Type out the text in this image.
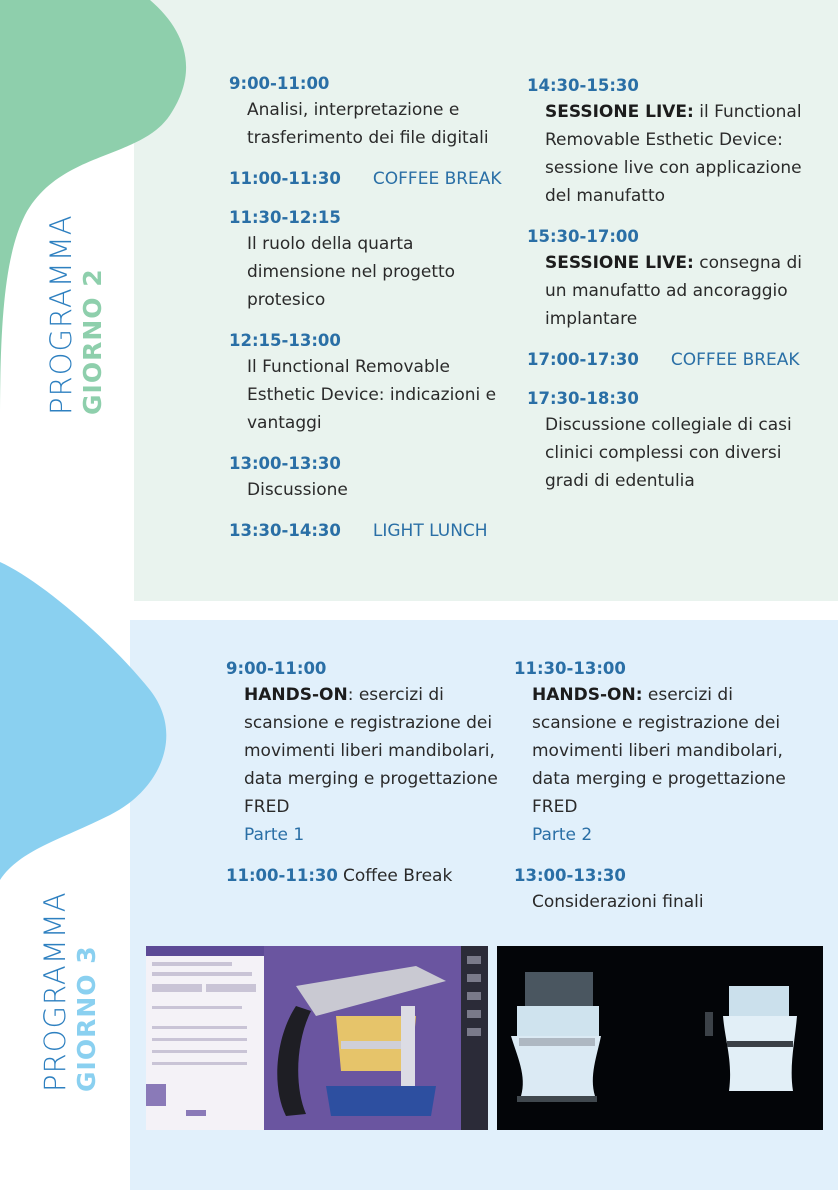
PROGRAMMA GIORNO 2
PROGRAMMA GIORNO 3
9:00-11:00
Analisi, interpretazione e trasferimento dei file digitali
11:00-11:30 COFFEE BREAK
11:30-12:15
Il ruolo della quarta dimensione nel progetto protesico
12:15-13:00
Il Functional Removable Esthetic Device: indicazioni e vantaggi
13:00-13:30
Discussione
13:30-14:30 LIGHT LUNCH
14:30-15:30
SESSIONE LIVE: il Functional Removable Esthetic Device: sessione live con applicazione del manufatto
15:30-17:00
SESSIONE LIVE: consegna di un manufatto ad ancoraggio implantare
17:00-17:30 COFFEE BREAK
17:30-18:30
Discussione collegiale di casi clinici complessi con diversi gradi di edentulia
9:00-11:00
HANDS-ON: esercizi di scansione e registrazione dei movimenti liberi mandibolari, data merging e progettazione FRED
Parte 1
11:00-11:30 Coffee Break
11:30-13:00
HANDS-ON: esercizi di scansione e registrazione dei movimenti liberi mandibolari, data merging e progettazione FRED
Parte 2
13:00-13:30
Considerazioni finali
